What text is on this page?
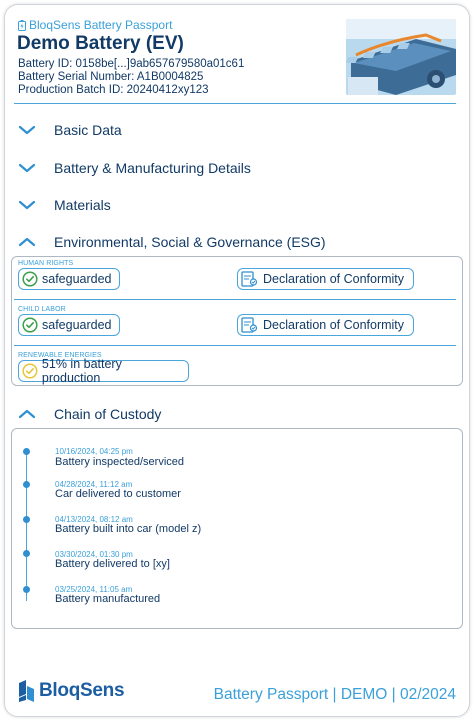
BloqSens Battery Passport
Demo Battery (EV)
Battery ID: 0158be[...]9ab657679580a01c61
Battery Serial Number: A1B0004825
Production Batch ID: 20240412xy123
Basic Data
Battery & Manufacturing Details
Materials
Environmental, Social & Governance (ESG)
HUMAN RIGHTS
safeguarded	Declaration of Conformity
CHILD LABOR
safeguarded	Declaration of Conformity
RENEWABLE ENERGIES
51% in battery production
Chain of Custody
10/16/2024, 04:25 pm
Battery inspected/serviced
04/28/2024, 11:12 am
Car delivered to customer
04/13/2024, 08:12 am
Battery built into car (model z)
03/30/2024, 01:30 pm
Battery delivered to [xy]
03/25/2024, 11:05 am
Battery manufactured
BloqSens	Battery Passport | DEMO | 02/2024
